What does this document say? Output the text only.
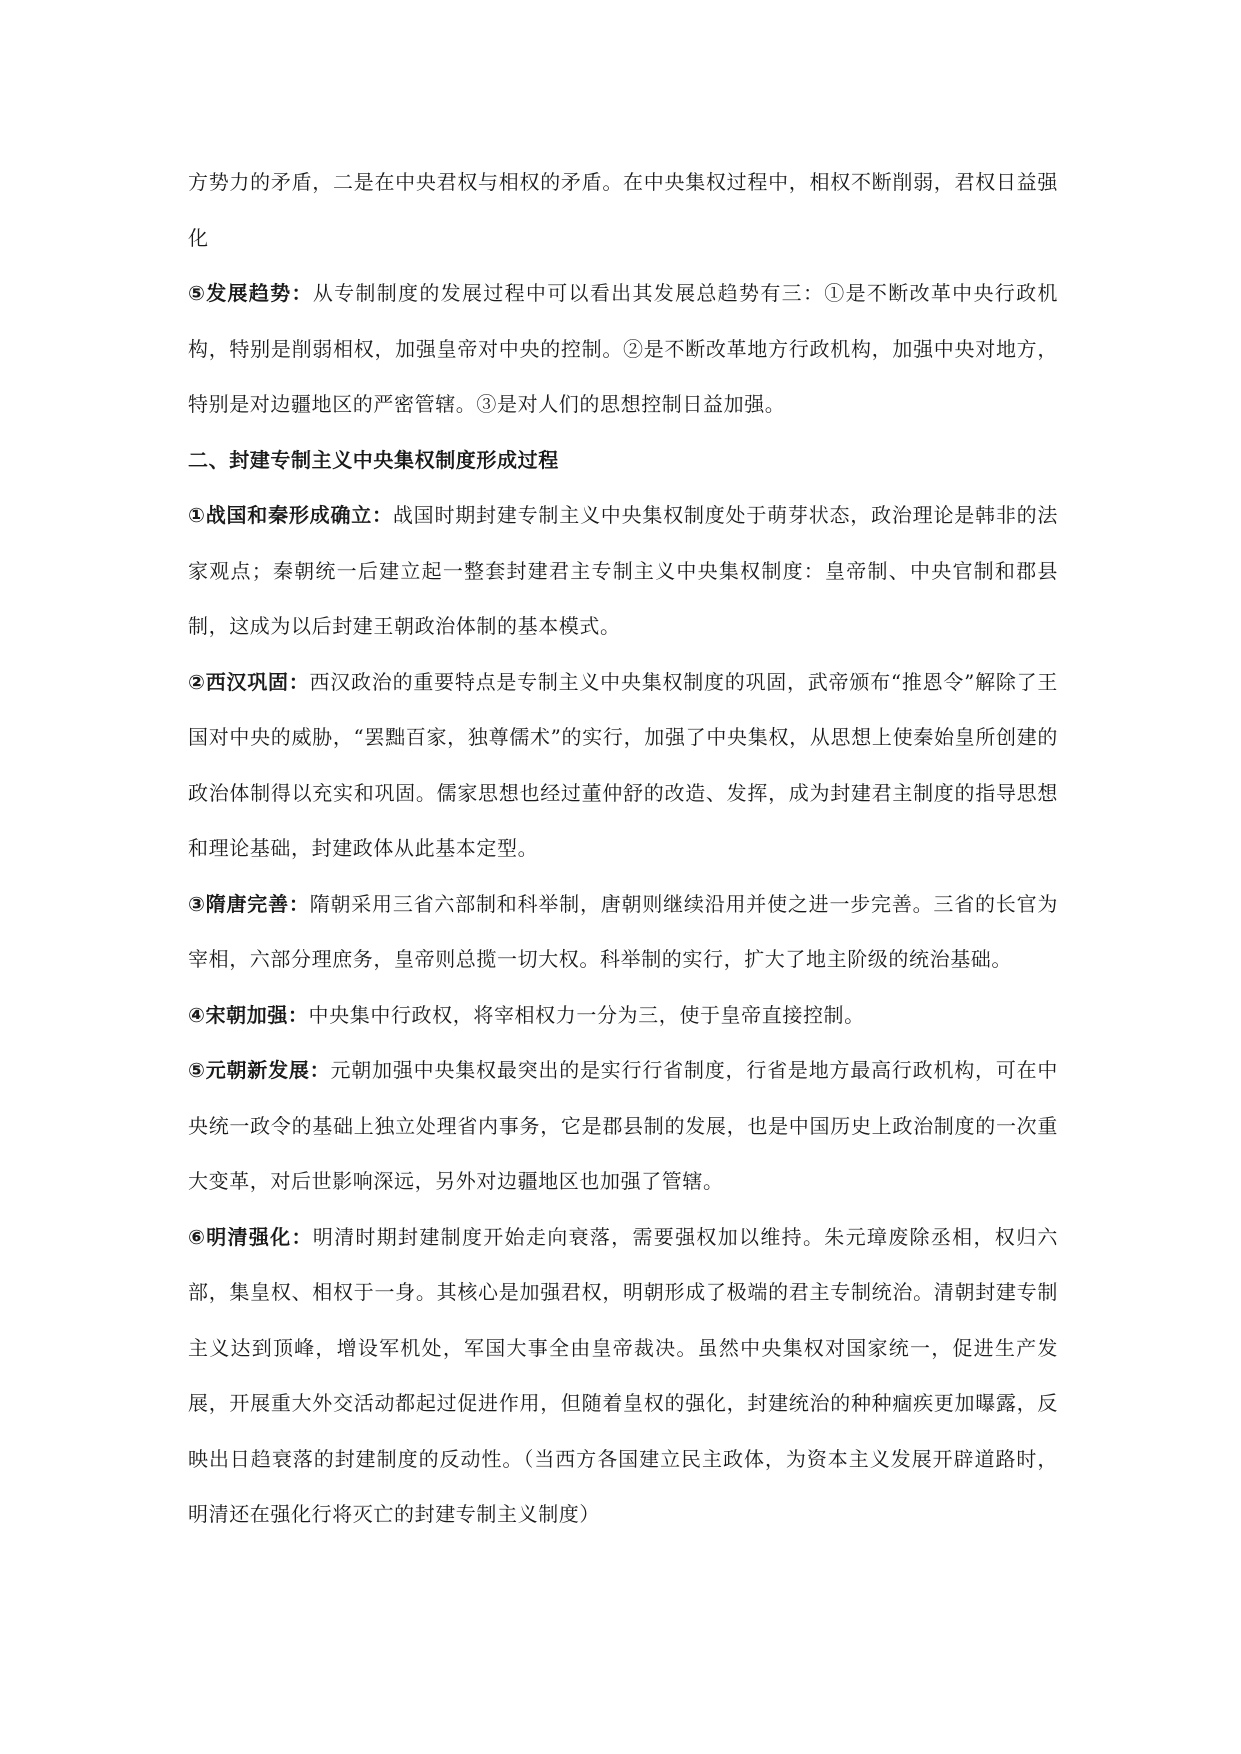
方势力的矛盾，二是在中央君权与相权的矛盾。在中央集权过程中，相权不断削弱，君权日益强化

⑤发展趋势：从专制制度的发展过程中可以看出其发展总趋势有三：①是不断改革中央行政机构，特别是削弱相权，加强皇帝对中央的控制。②是不断改革地方行政机构，加强中央对地方，特别是对边疆地区的严密管辖。③是对人们的思想控制日益加强。

二、封建专制主义中央集权制度形成过程

①战国和秦形成确立：战国时期封建专制主义中央集权制度处于萌芽状态，政治理论是韩非的法家观点；秦朝统一后建立起一整套封建君主专制主义中央集权制度：皇帝制、中央官制和郡县制，这成为以后封建王朝政治体制的基本模式。

②西汉巩固：西汉政治的重要特点是专制主义中央集权制度的巩固，武帝颁布“推恩令”解除了王国对中央的威胁，“罢黜百家，独尊儒术”的实行，加强了中央集权，从思想上使秦始皇所创建的政治体制得以充实和巩固。儒家思想也经过董仲舒的改造、发挥，成为封建君主制度的指导思想和理论基础，封建政体从此基本定型。

③隋唐完善：隋朝采用三省六部制和科举制，唐朝则继续沿用并使之进一步完善。三省的长官为宰相，六部分理庶务，皇帝则总揽一切大权。科举制的实行，扩大了地主阶级的统治基础。

④宋朝加强：中央集中行政权，将宰相权力一分为三，使于皇帝直接控制。

⑤元朝新发展：元朝加强中央集权最突出的是实行行省制度，行省是地方最高行政机构，可在中央统一政令的基础上独立处理省内事务，它是郡县制的发展，也是中国历史上政治制度的一次重大变革，对后世影响深远，另外对边疆地区也加强了管辖。

⑥明清强化：明清时期封建制度开始走向衰落，需要强权加以维持。朱元璋废除丞相，权归六部，集皇权、相权于一身。其核心是加强君权，明朝形成了极端的君主专制统治。清朝封建专制主义达到顶峰，增设军机处，军国大事全由皇帝裁决。虽然中央集权对国家统一，促进生产发展，开展重大外交活动都起过促进作用，但随着皇权的强化，封建统治的种种痼疾更加曝露，反映出日趋衰落的封建制度的反动性。（当西方各国建立民主政体，为资本主义发展开辟道路时，明清还在强化行将灭亡的封建专制主义制度）
